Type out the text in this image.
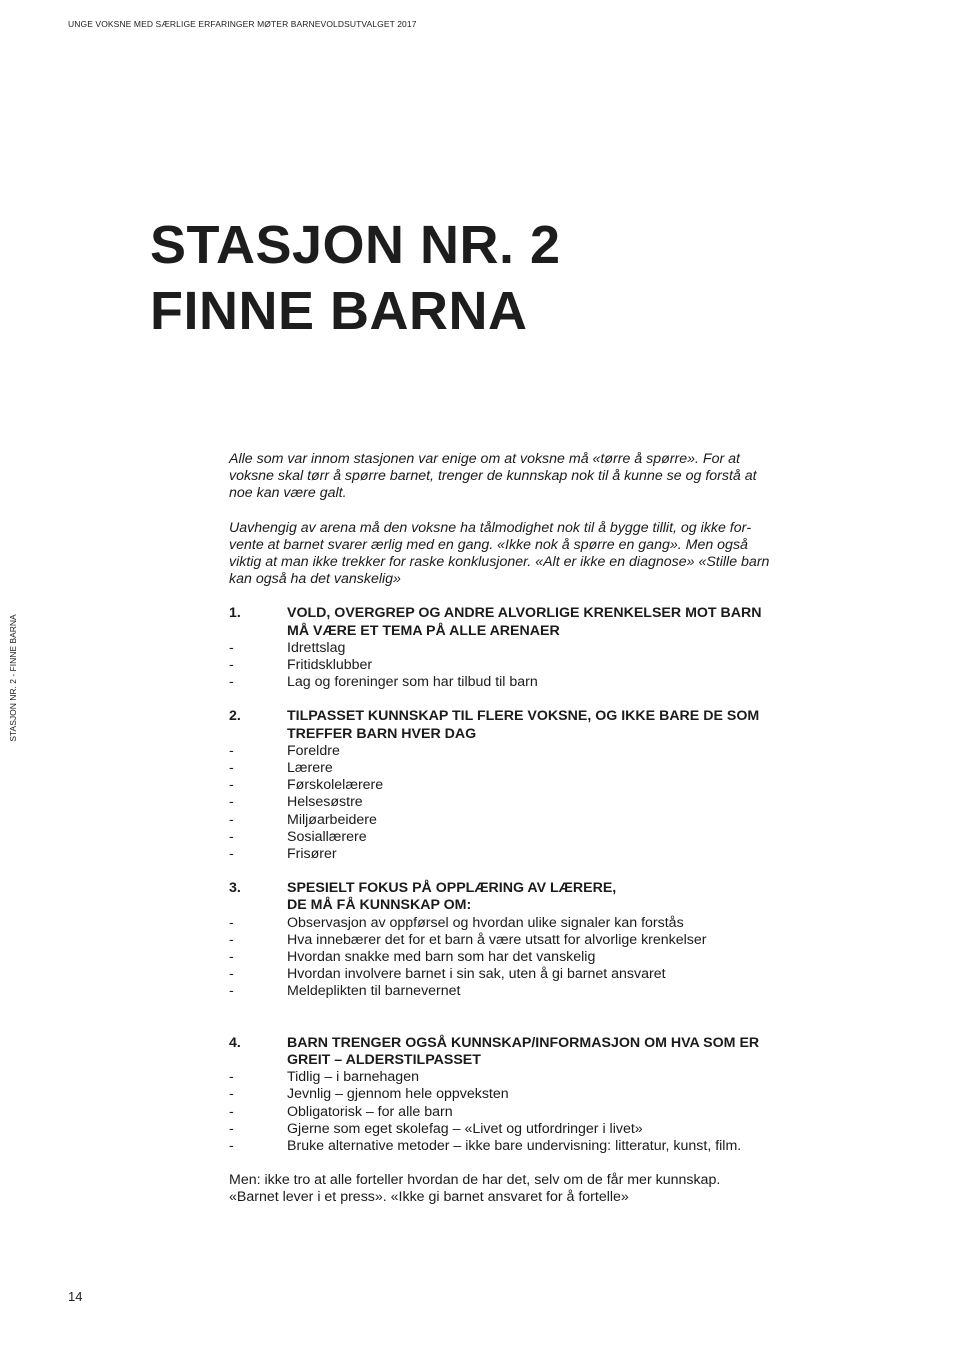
UNGE VOKSNE MED SÆRLIGE ERFARINGER MØTER BARNEVOLDSUTVALGET 2017
STASJON NR. 2 - FINNE BARNA
STASJON NR. 2
FINNE BARNA

Alle som var innom stasjonen var enige om at voksne må «tørre å spørre». For at voksne skal tørr å spørre barnet, trenger de kunnskap nok til å kunne se og forstå at noe kan være galt.

Uavhengig av arena må den voksne ha tålmodighet nok til å bygge tillit, og ikke forvente at barnet svarer ærlig med en gang. «Ikke nok å spørre en gang». Men også viktig at man ikke trekker for raske konklusjoner. «Alt er ikke en diagnose» «Stille barn kan også ha det vanskelig»

1.	VOLD, OVERGREP OG ANDRE ALVORLIGE KRENKELSER MOT BARN MÅ VÆRE ET TEMA PÅ ALLE ARENAER
-	Idrettslag
-	Fritidsklubber
-	Lag og foreninger som har tilbud til barn
2.	TILPASSET KUNNSKAP TIL FLERE VOKSNE, OG IKKE BARE DE SOM TREFFER BARN HVER DAG
-	Foreldre
-	Lærere
-	Førskolelærere
-	Helsesøstre
-	Miljøarbeidere
-	Sosiallærere
-	Frisører
3.	SPESIELT FOKUS PÅ OPPLÆRING AV LÆRERE,
DE MÅ FÅ KUNNSKAP OM:
-	Observasjon av oppførsel og hvordan ulike signaler kan forstås
-	Hva innebærer det for et barn å være utsatt for alvorlige krenkelser
-	Hvordan snakke med barn som har det vanskelig
-	Hvordan involvere barnet i sin sak, uten å gi barnet ansvaret
-	Meldeplikten til barnevernet
4.	BARN TRENGER OGSÅ KUNNSKAP/INFORMASJON OM HVA SOM ER GREIT – ALDERSTILPASSET
-	Tidlig – i barnehagen
-	Jevnlig – gjennom hele oppveksten
-	Obligatorisk – for alle barn
-	Gjerne som eget skolefag – «Livet og utfordringer i livet»
-	Bruke alternative metoder – ikke bare undervisning: litteratur, kunst, film.

Men: ikke tro at alle forteller hvordan de har det, selv om de får mer kunnskap.
«Barnet lever i et press». «Ikke gi barnet ansvaret for å fortelle»

14
